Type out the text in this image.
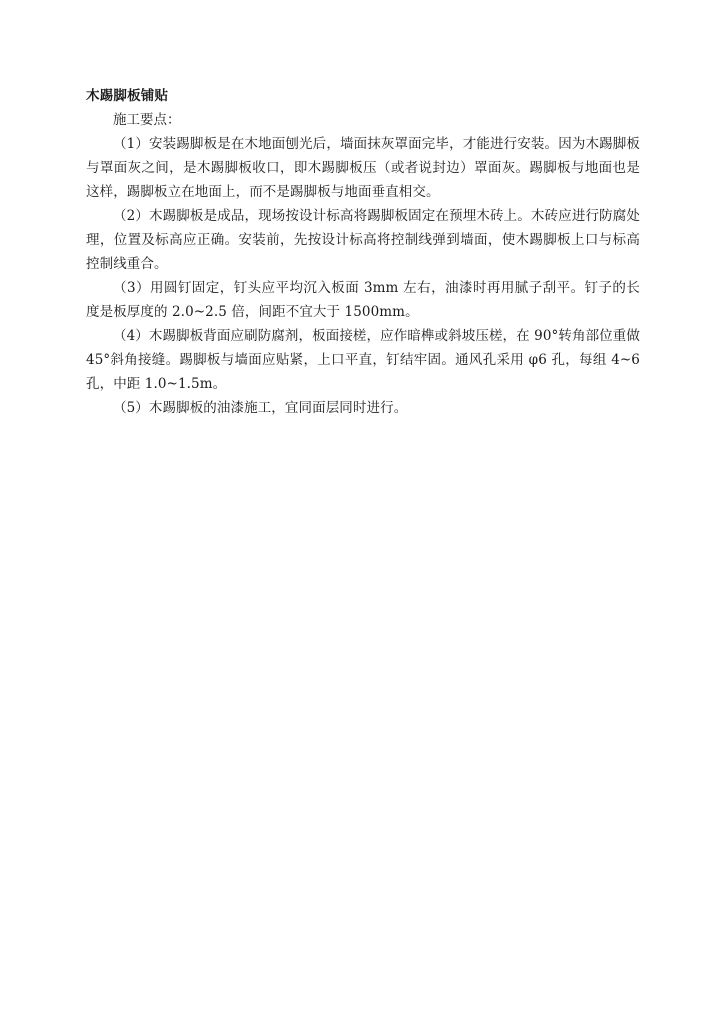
木踢脚板铺贴

施工要点：

（1）安装踢脚板是在木地面刨光后，墙面抹灰罩面完毕，才能进行安装。因为木踢脚板与罩面灰之间，是木踢脚板收口，即木踢脚板压（或者说封边）罩面灰。踢脚板与地面也是这样，踢脚板立在地面上，而不是踢脚板与地面垂直相交。

（2）木踢脚板是成品，现场按设计标高将踢脚板固定在预埋木砖上。木砖应进行防腐处理，位置及标高应正确。安装前，先按设计标高将控制线弹到墙面，使木踢脚板上口与标高控制线重合。

（3）用圆钉固定，钉头应平均沉入板面 3mm 左右，油漆时再用腻子刮平。钉子的长度是板厚度的 2.0~2.5 倍，间距不宜大于 1500mm。

（4）木踢脚板背面应刷防腐剂，板面接槎，应作暗榫或斜坡压槎，在 90°转角部位重做 45°斜角接缝。踢脚板与墙面应贴紧，上口平直，钉结牢固。通风孔采用 φ6 孔，每组 4~6 孔，中距 1.0~1.5m。

（5）木踢脚板的油漆施工，宜同面层同时进行。
